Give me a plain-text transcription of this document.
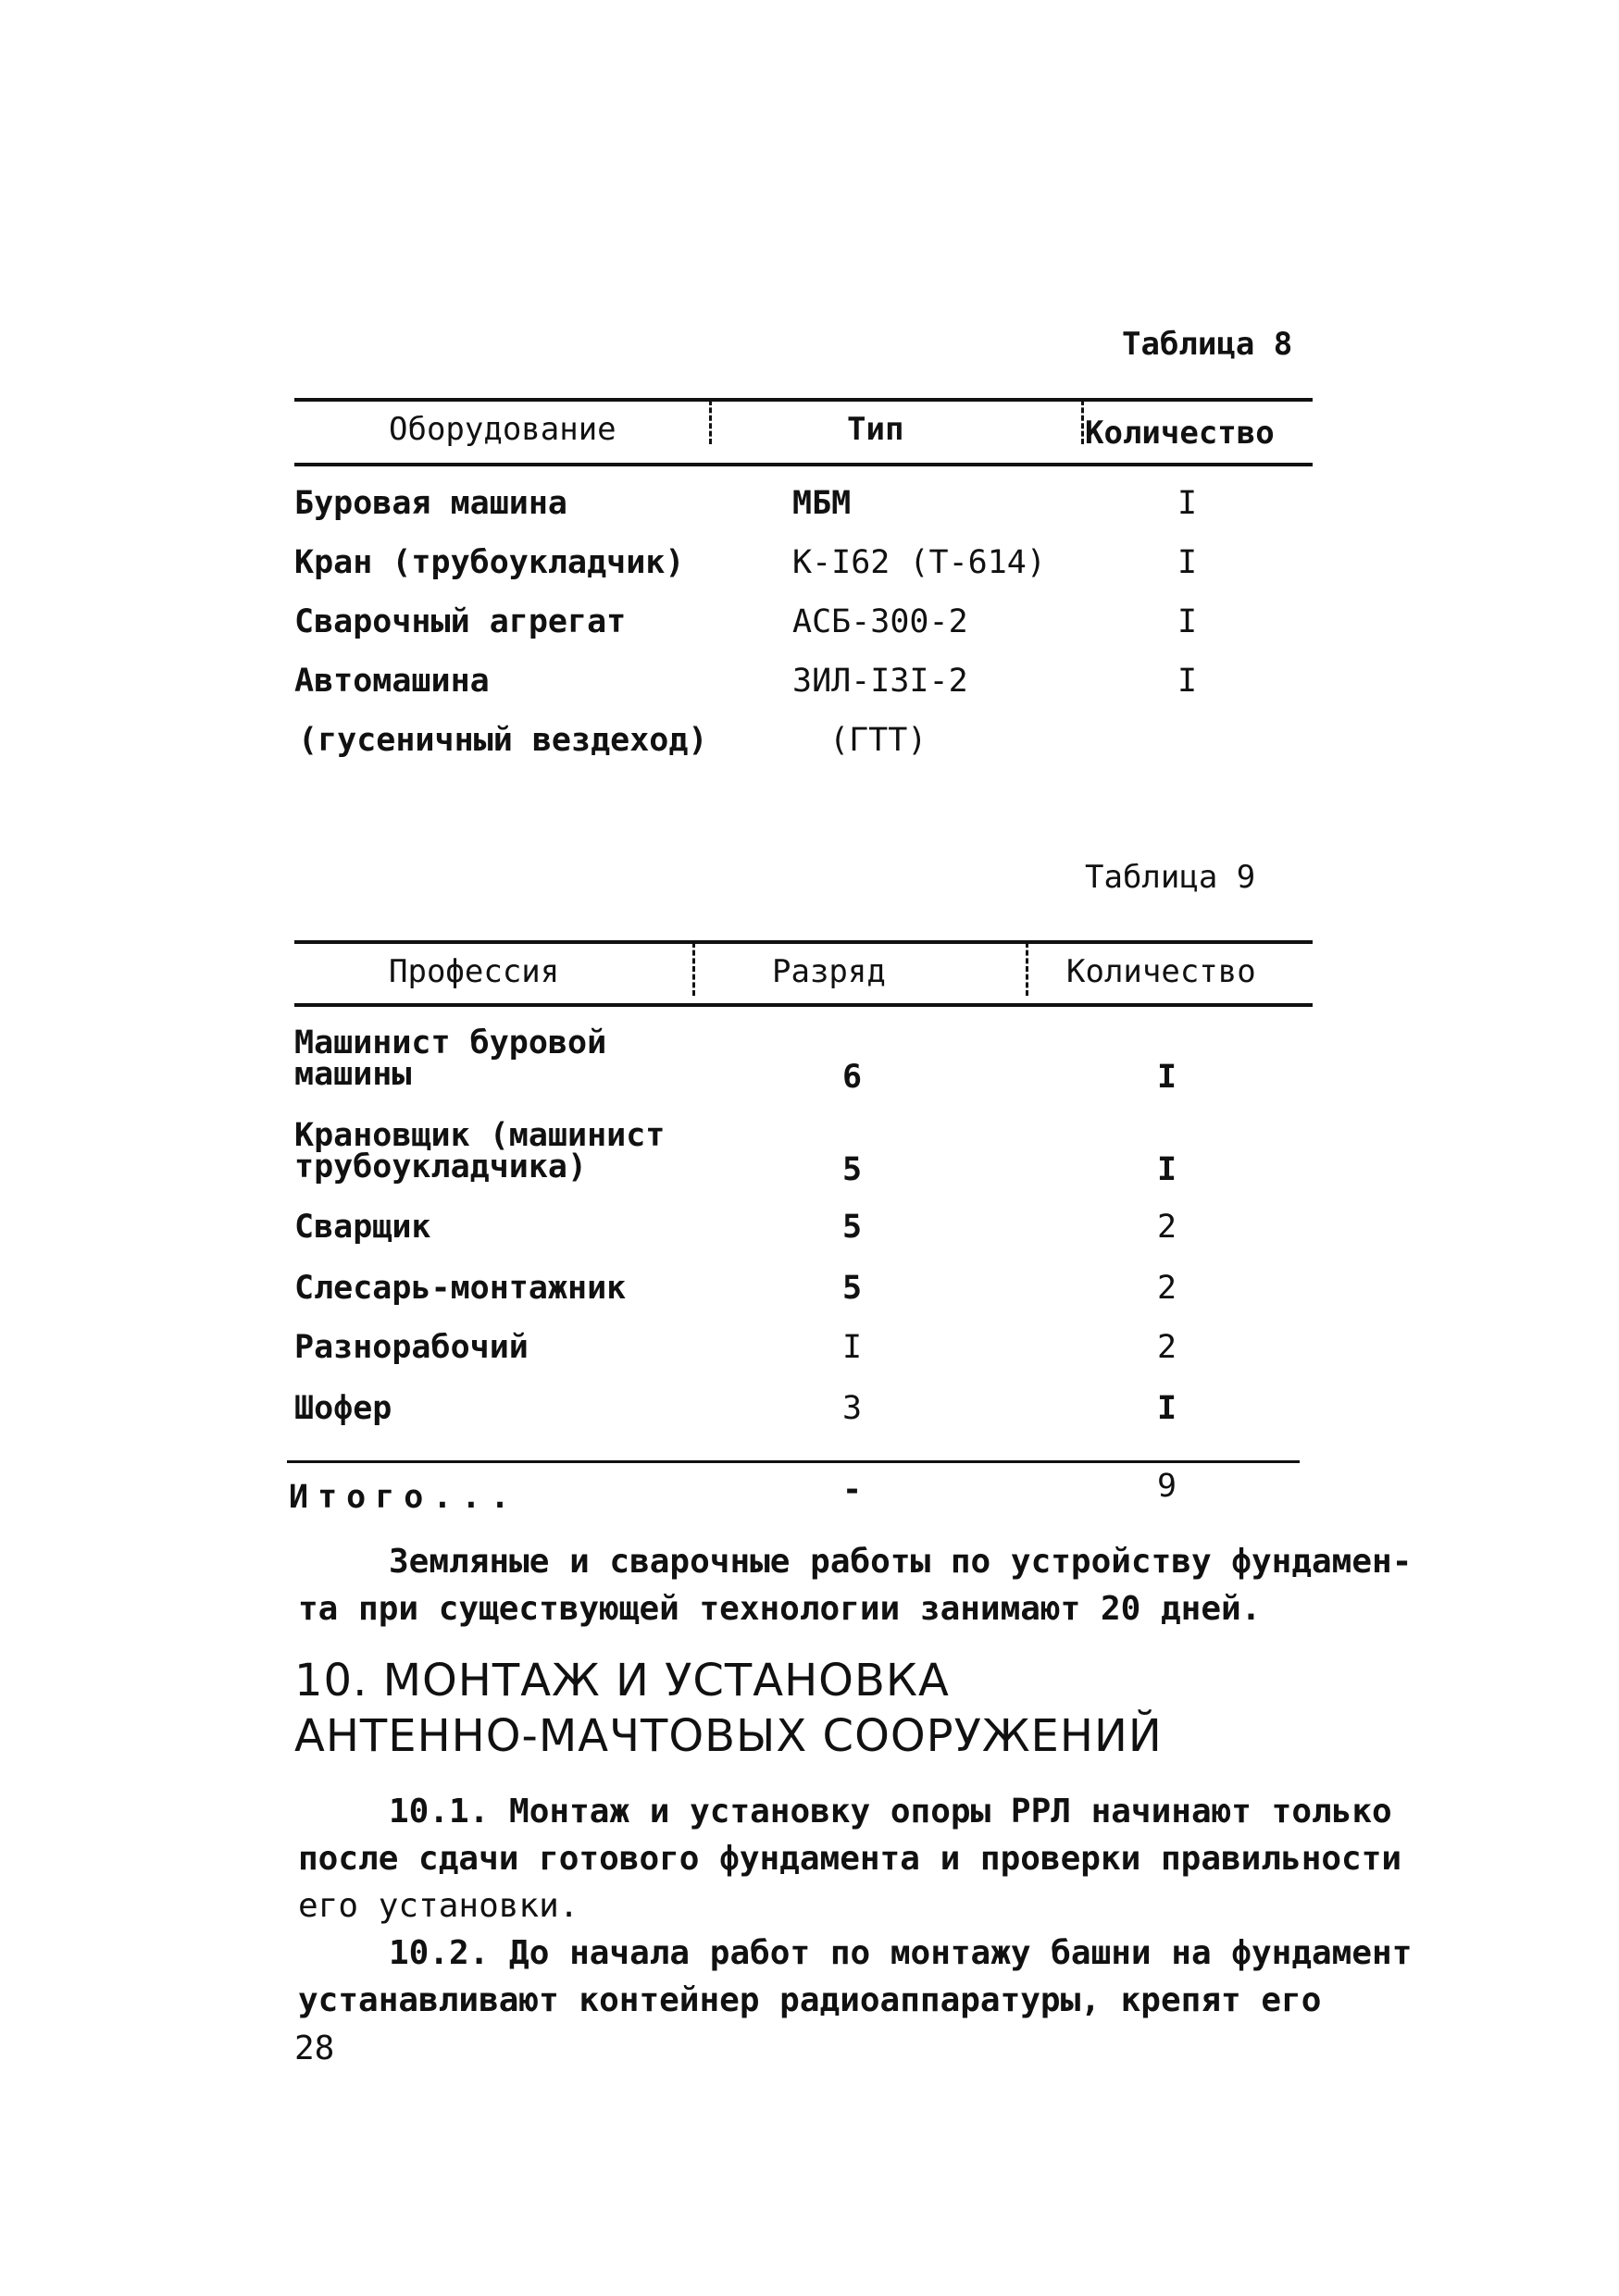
Таблица 8
Оборудование	Тип	Количество
Буровая машина	МБМ	I
Кран (трубоукладчик)	К-I62 (Т-614)	I
Сварочный агрегат	АСБ-300-2	I
Автомашина	ЗИЛ-I3I-2	I
(гусеничный вездеход)	(ГТТ)
Таблица 9
Профессия	Разряд	Количество
Машинист буровой
машины	6	I
Крановщик (машинист
трубоукладчика)	5	I
Сварщик	5	2
Слесарь-монтажник	5	2
Разнорабочий	I	2
Шофер	3	I
Итого...	-	9
Земляные и сварочные работы по устройству фундамен-
та при существующей технологии занимают 20 дней.
10. МОНТАЖ И УСТАНОВКА
АНТЕННО-МАЧТОВЫХ СООРУЖЕНИЙ
10.1. Монтаж и установку опоры РРЛ начинают только
после сдачи готового фундамента и проверки правильности
его установки.
10.2. До начала работ по монтажу башни на фундамент
устанавливают контейнер радиоаппаратуры, крепят его
28
